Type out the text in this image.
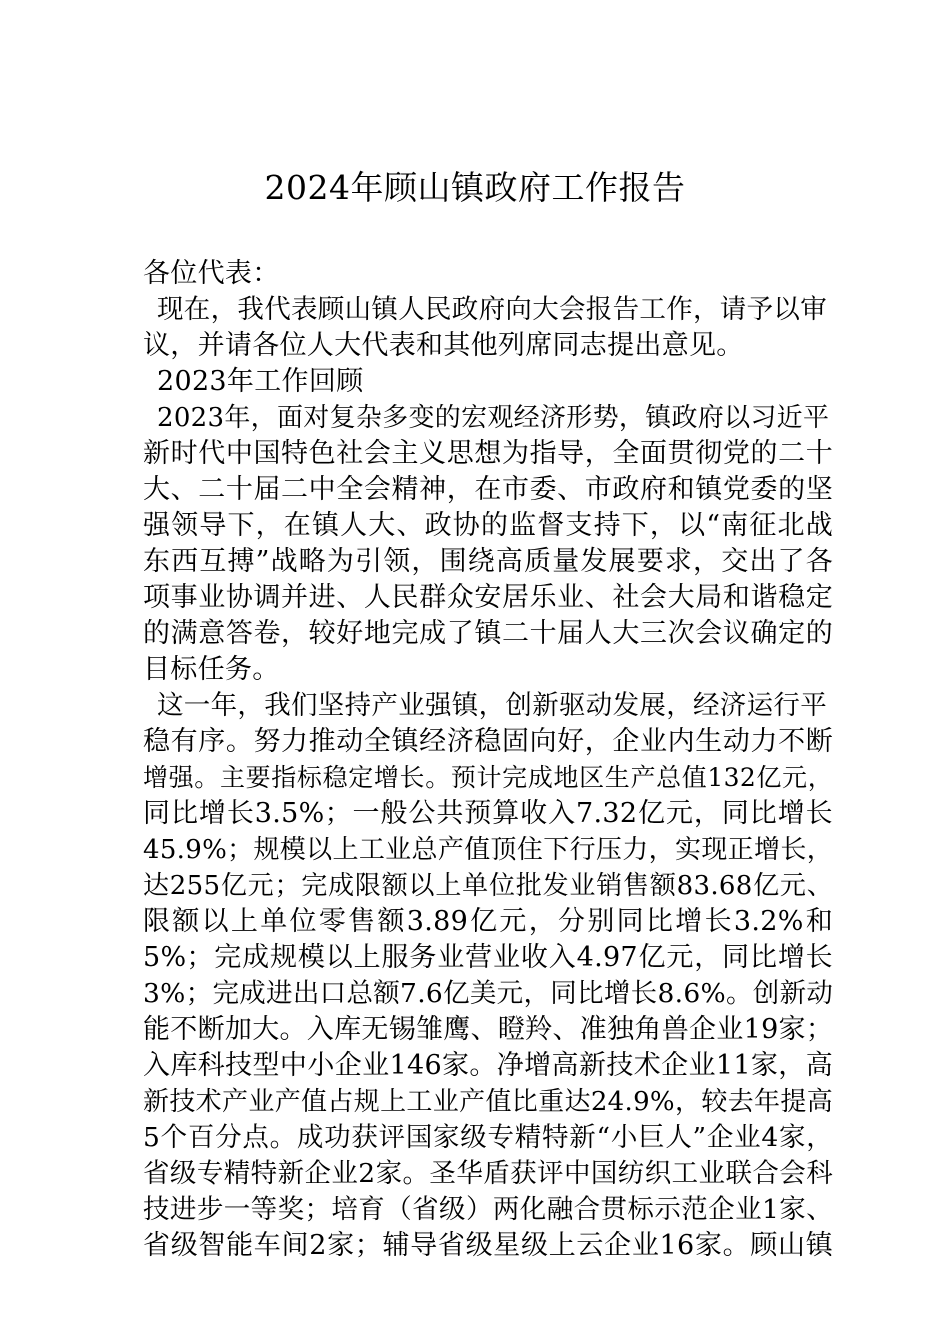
2024年顾山镇政府工作报告
各位代表：
现在，我代表顾山镇人民政府向大会报告工作，请予以审
议，并请各位人大代表和其他列席同志提出意见。
2023年工作回顾
2023年，面对复杂多变的宏观经济形势，镇政府以习近平
新时代中国特色社会主义思想为指导，全面贯彻党的二十
大、二十届二中全会精神，在市委、市政府和镇党委的坚
强领导下，在镇人大、政协的监督支持下，以“南征北战
东西互搏”战略为引领，围绕高质量发展要求，交出了各
项事业协调并进、人民群众安居乐业、社会大局和谐稳定
的满意答卷，较好地完成了镇二十届人大三次会议确定的
目标任务。
这一年，我们坚持产业强镇，创新驱动发展，经济运行平
稳有序。努力推动全镇经济稳固向好，企业内生动力不断
增强。主要指标稳定增长。预计完成地区生产总值132亿元，
同比增长3.5%；一般公共预算收入7.32亿元，同比增长
45.9%；规模以上工业总产值顶住下行压力，实现正增长，
达255亿元；完成限额以上单位批发业销售额83.68亿元、
限额以上单位零售额3.89亿元，分别同比增长3.2%和
5%；完成规模以上服务业营业收入4.97亿元，同比增长
3%；完成进出口总额7.6亿美元，同比增长8.6%。创新动
能不断加大。入库无锡雏鹰、瞪羚、准独角兽企业19家；
入库科技型中小企业146家。净增高新技术企业11家，高
新技术产业产值占规上工业产值比重达24.9%，较去年提高
5个百分点。成功获评国家级专精特新“小巨人”企业4家，
省级专精特新企业2家。圣华盾获评中国纺织工业联合会科
技进步一等奖；培育（省级）两化融合贯标示范企业1家、
省级智能车间2家；辅导省级星级上云企业16家。顾山镇
